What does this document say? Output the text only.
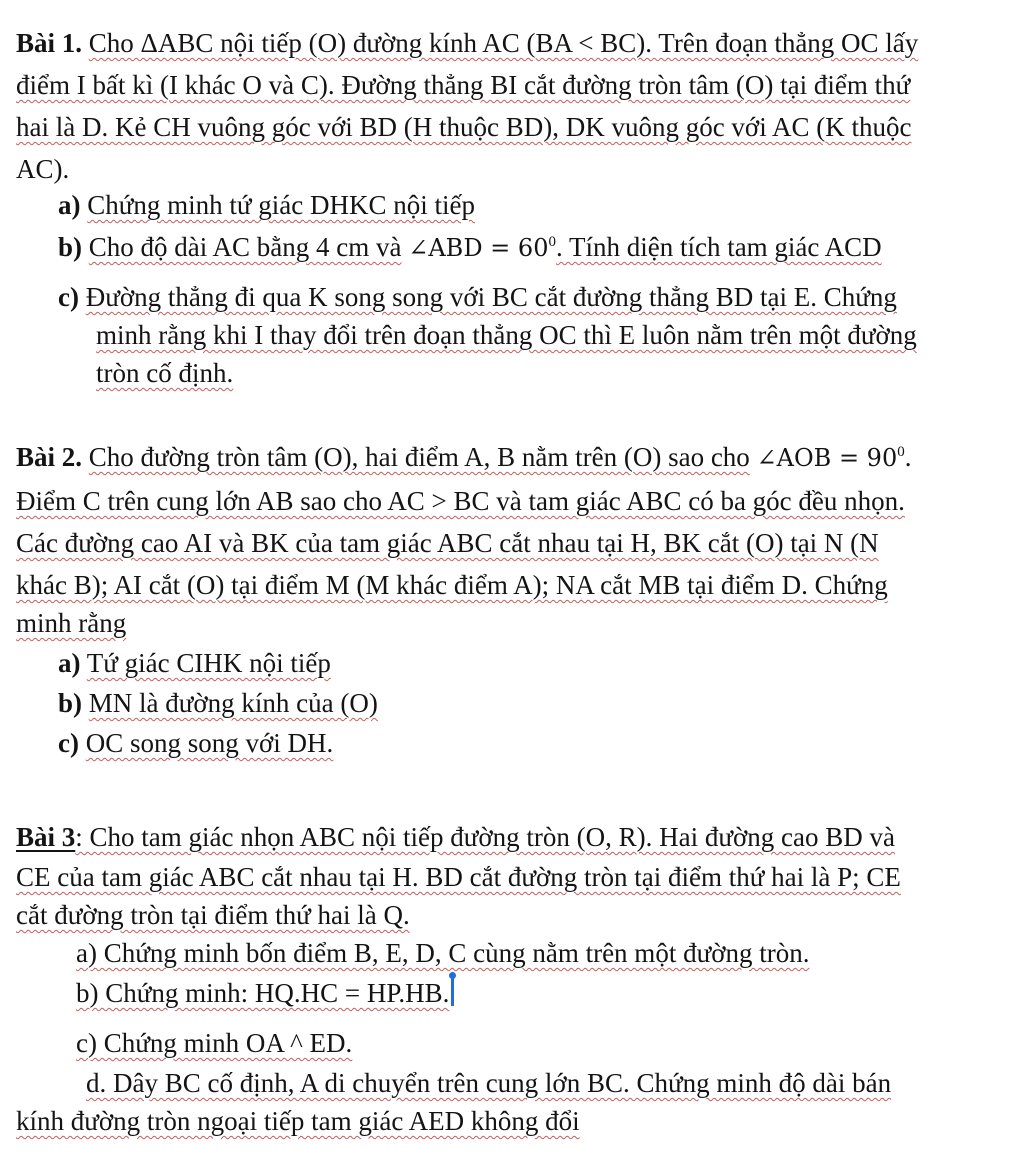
Bài 1. Cho ΔABC nội tiếp (O) đường kính AC (BA < BC). Trên đoạn thẳng OC lấy
điểm I bất kì (I khác O và C). Đường thẳng BI cắt đường tròn tâm (O) tại điểm thứ
hai là D. Kẻ CH vuông góc với BD (H thuộc BD), DK vuông góc với AC (K thuộc
AC).
a) Chứng minh tứ giác DHKC nội tiếp
b) Cho độ dài AC bằng 4 cm và ∠ABD = $60^0$. Tính diện tích tam giác ACD
c) Đường thẳng đi qua K song song với BC cắt đường thẳng BD tại E. Chứng
minh rằng khi I thay đổi trên đoạn thẳng OC thì E luôn nằm trên một đường
tròn cố định.
Bài 2. Cho đường tròn tâm (O), hai điểm A, B nằm trên (O) sao cho ∠AOB = $90^0$.
Điểm C trên cung lớn AB sao cho AC > BC và tam giác ABC có ba góc đều nhọn.
Các đường cao AI và BK của tam giác ABC cắt nhau tại H, BK cắt (O) tại N (N
khác B); AI cắt (O) tại điểm M (M khác điểm A); NA cắt MB tại điểm D. Chứng
minh rằng
a) Tứ giác CIHK nội tiếp
b) MN là đường kính của (O)
c) OC song song với DH.
Bài 3: Cho tam giác nhọn ABC nội tiếp đường tròn (O, R). Hai đường cao BD và
CE của tam giác ABC cắt nhau tại H. BD cắt đường tròn tại điểm thứ hai là P; CE
cắt đường tròn tại điểm thứ hai là Q.
a) Chứng minh bốn điểm B, E, D, C cùng nằm trên một đường tròn.
b) Chứng minh: HQ.HC = HP.HB.
c) Chứng minh OA ^ ED.
d. Dây BC cố định, A di chuyển trên cung lớn BC. Chứng minh độ dài bán
kính đường tròn ngoại tiếp tam giác AED không đổi
